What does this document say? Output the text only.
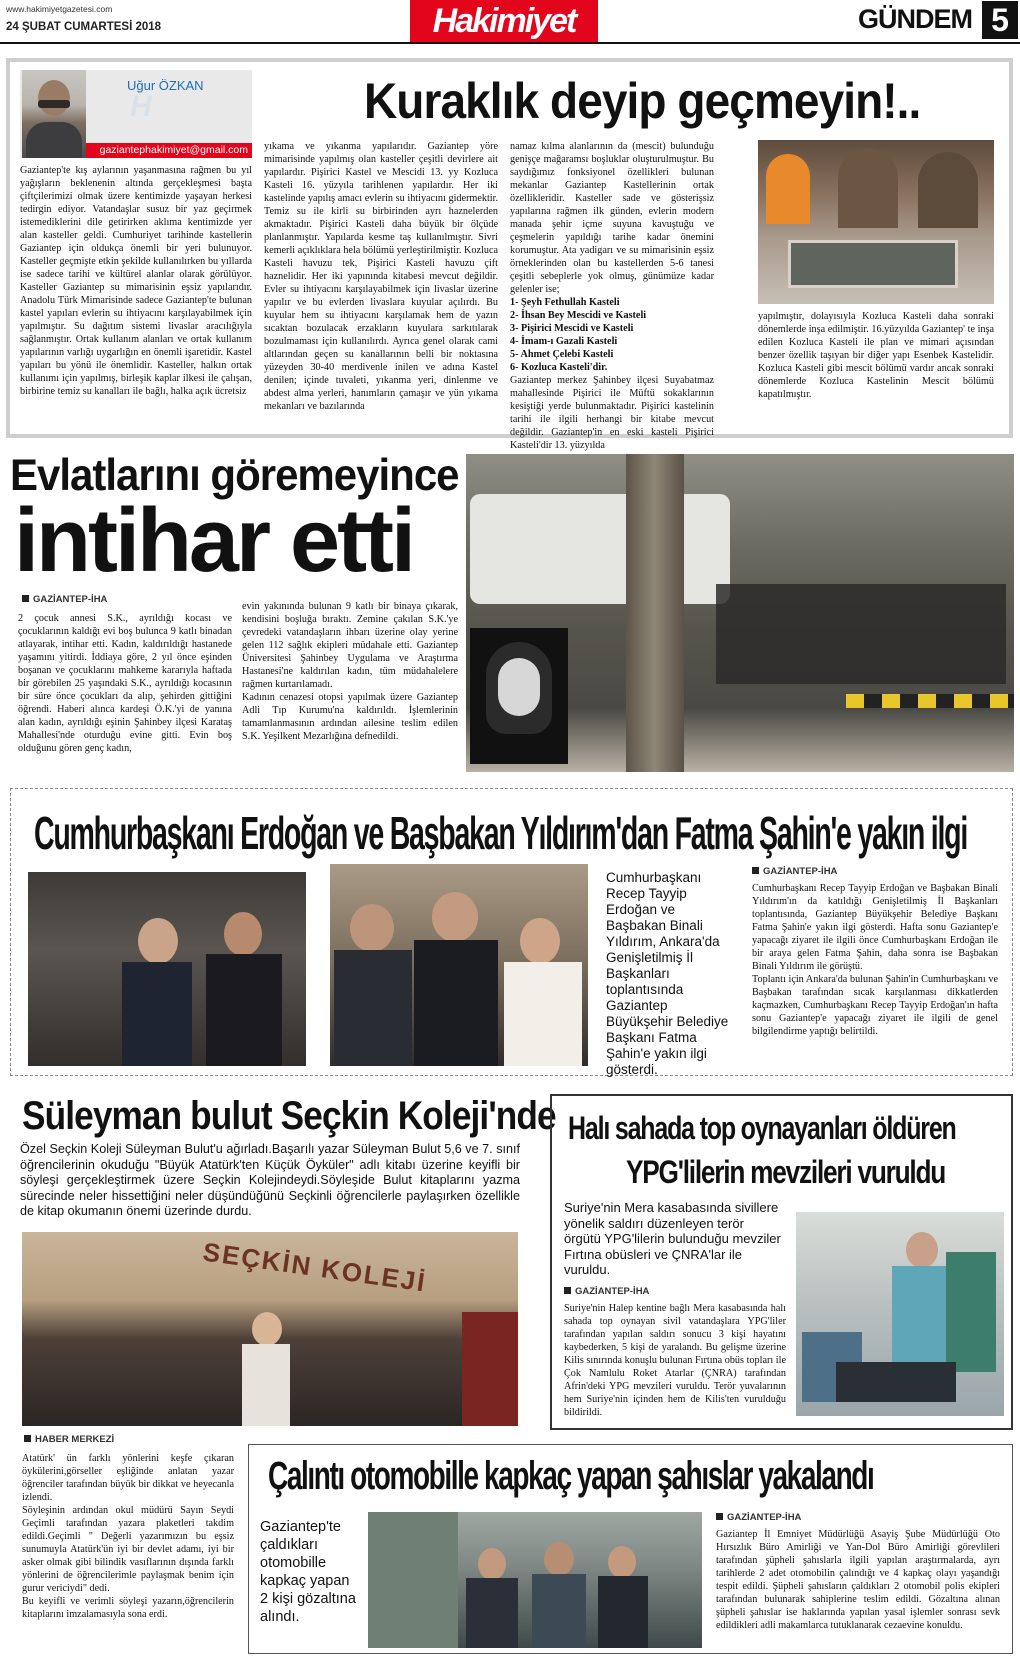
www.hakimiyetgazetesi.com
24 ŞUBAT CUMARTESİ 2018	Hakimiyet	GÜNDEM 5
Uğur ÖZKAN
H
gaziantephakimiyet@gmail.com
Kuraklık deyip geçmeyin!..
Gaziantep'te kış aylarının yaşanmasına rağmen bu yıl yağışların beklenenin altında gerçekleşmesi başta çiftçilerimizi olmak üzere kentimizde yaşayan herkesi tedirgin ediyor. Vatandaşlar susuz bir yaz geçirmek istemediklerini dile getirirken aklıma kentimizde yer alan kasteller geldi. Cumhuriyet tarihinde kastellerin Gaziantep için oldukça önemli bir yeri bulunuyor. Kasteller geçmişte etkin şekilde kullanılırken bu yıllarda ise sadece tarihi ve kültürel alanlar olarak görülüyor. Kasteller Gaziantep su mimarisinin eşsiz yapılarıdır. Anadolu Türk Mimarisinde sadece Gaziantep'te bulunan kastel yapıları evlerin su ihtiyacını karşılayabilmek için yapılmıştır. Su dağıtım sistemi livaslar aracılığıyla sağlanmıştır. Ortak kullanım alanları ve ortak kullanım yapılarının varlığı uygarlığın en önemli işaretidir. Kastel yapıları bu yönü ile önemlidir. Kasteller, halkın ortak kullanımı için yapılmış, birleşik kaplar ilkesi ile çalışan, birbirine temiz su kanalları ile bağlı, halka açık ücretsiz
yıkama ve yıkanma yapılarıdır. Gaziantep yöre mimarisinde yapılmış olan kasteller çeşitli devirlere ait yapılardır. Pişirici Kastel ve Mescidi 13. yy Kozluca Kasteli 16. yüzyıla tarihlenen yapılardır. Her iki kastelinde yapılış amacı evlerin su ihtiyacını gidermektir. Temiz su ile kirli su birbirinden ayrı haznelerden akmaktadır. Pişirici Kasteli daha büyük bir ölçüde planlanmıştır. Yapılarda kesme taş kullanılmıştır. Sivri kemerli açıklıklara hela bölümü yerleştirilmiştir. Kozluca Kasteli havuzu tek, Pişirici Kasteli havuzu çift haznelidir. Her iki yapınında kitabesi mevcut değildir. Evler su ihtiyacını karşılayabilmek için livaslar üzerine yapılır ve bu evlerden livaslara kuyular açılırdı. Bu kuyular hem su ihtiyacını karşılamak hem de yazın sıcaktan bozulacak erzakların kuyulara sarkıtılarak bozulmaması için kullanılırdı. Ayrıca genel olarak cami altlarından geçen su kanallarının belli bir noktasına yüzeyden 30-40 merdivenle inilen ve adına Kastel denilen; içinde tuvaleti, yıkanma yeri, dinlenme ve abdest alma yerleri, hanımların çamaşır ve yün yıkama mekanları ve bazılarında
namaz kılma alanlarının da (mescit) bulunduğu genişçe mağaramsı boşluklar oluşturulmuştur. Bu saydığımız fonksiyonel özellikleri bulunan mekanlar Gaziantep Kastellerinin ortak özellikleridir. Kasteller sade ve gösterişsiz yapılarına rağmen ilk günden, evlerin modern manada şehir içme suyuna kavuştuğu ve çeşmelerin yapıldığı tarihe kadar önemini korumuştur. Ata yadigarı ve su mimarisinin eşsiz örneklerinden olan bu kastellerden 5-6 tanesi çeşitli sebeplerle yok olmuş, günümüze kadar gelenler ise;
1- Şeyh Fethullah Kasteli
2- İhsan Bey Mescidi ve Kasteli
3- Pişirici Mescidi ve Kasteli
4- İmam-ı Gazali Kasteli
5- Ahmet Çelebi Kasteli
6- Kozluca Kasteli'dir.
Gaziantep merkez Şahinbey ilçesi Suyabatmaz mahallesinde Pişirici ile Müftü sokaklarının kesiştiği yerde bulunmaktadır. Pişirici kastelinin tarihi ile ilgili herhangi bir kitabe mevcut değildir. Gaziantep'in en eski kasteli Pişirici Kasteli'dir 13. yüzyılda
yapılmıştır, dolayısıyla Kozluca Kasteli daha sonraki dönemlerde inşa edilmiştir. 16.yüzyılda Gaziantep' te inşa edilen Kozluca Kasteli ile plan ve mimari açısından benzer özellik taşıyan bir diğer yapı Esenbek Kastelidir. Kozluca Kasteli gibi mescit bölümü vardır ancak sonraki dönemlerde Kozluca Kastelinin Mescit bölümü kapatılmıştır.
Evlatlarını göremeyince
intihar etti
GAZİANTEP-İHA
2 çocuk annesi S.K., ayrıldığı kocası ve çocuklarının kaldığı evi boş bulunca 9 katlı binadan atlayarak, intihar etti. Kadın, kaldırıldığı hastanede yaşamını yitirdi. İddiaya göre, 2 yıl önce eşinden boşanan ve çocuklarını mahkeme kararıyla haftada bir görebilen 25 yaşındaki S.K., ayrıldığı kocasının bir süre önce çocukları da alıp, şehirden gittiğini öğrendi. Haberi alınca kardeşi Ö.K.'yi de yanına alan kadın, ayrıldığı eşinin Şahinbey ilçesi Karataş Mahallesi'nde oturduğu evine gitti. Evin boş olduğunu gören genç kadın,
evin yakınında bulunan 9 katlı bir binaya çıkarak, kendisini boşluğa bıraktı. Zemine çakılan S.K.'ye çevredeki vatandaşların ihbarı üzerine olay yerine gelen 112 sağlık ekipleri müdahale etti. Gaziantep Üniversitesi Şahinbey Uygulama ve Araştırma Hastanesi'ne kaldırılan kadın, tüm müdahalelere rağmen kurtarılamadı.
Kadının cenazesi otopsi yapılmak üzere Gaziantep Adli Tıp Kurumu'na kaldırıldı. İşlemlerinin tamamlanmasının ardından ailesine teslim edilen S.K. Yeşilkent Mezarlığına defnedildi.
Cumhurbaşkanı Erdoğan ve Başbakan Yıldırım'dan Fatma Şahin'e yakın ilgi
Cumhurbaşkanı Recep Tayyip Erdoğan ve Başbakan Binali Yıldırım, Ankara'da Genişletilmiş İl Başkanları toplantısında Gaziantep Büyükşehir Belediye Başkanı Fatma Şahin'e yakın ilgi gösterdi.
GAZİANTEP-İHA
Cumhurbaşkanı Recep Tayyip Erdoğan ve Başbakan Binali Yıldırım'ın da katıldığı Genişletilmiş İl Başkanları toplantısında, Gaziantep Büyükşehir Belediye Başkanı Fatma Şahin'e yakın ilgi gösterdi. Hafta sonu Gaziantep'e yapacağı ziyaret ile ilgili önce Cumhurbaşkanı Erdoğan ile bir araya gelen Fatma Şahin, daha sonra ise Başbakan Binali Yıldırım ile görüştü.
Toplantı için Ankara'da bulunan Şahin'in Cumhurbaşkanı ve Başbakan tarafından sıcak karşılanması dikkatlerden kaçmazken, Cumhurbaşkanı Recep Tayyip Erdoğan'ın hafta sonu Gaziantep'e yapacağı ziyaret ile ilgili de genel bilgilendirme yaptığı belirtildi.
Süleyman bulut Seçkin Koleji'nde
Özel Seçkin Koleji Süleyman Bulut'u ağırladı.Başarılı yazar Süleyman Bulut 5,6 ve 7. sınıf öğrencilerinin okuduğu "Büyük Atatürk'ten Küçük Öyküler" adlı kitabı üzerine keyifli bir söyleşi gerçekleştirmek üzere Seçkin Kolejindeydi.Söyleşide Bulut kitaplarını yazma sürecinde neler hissettiğini neler düşündüğünü Seçkinli öğrencilerle paylaşırken özellikle de kitap okumanın önemi üzerinde durdu.
SEÇKİN KOLEJİ
HABER MERKEZİ
Atatürk' ün farklı yönlerini keşfe çıkaran öykülerini,görseller eşliğinde anlatan yazar öğrenciler tarafından büyük bir dikkat ve heyecanla izlendi.
Söyleşinin ardından okul müdürü Sayın Seydi Geçimli tarafından yazara plaketleri takdim edildi.Geçimli " Değerli yazarımızın bu eşsiz sunumuyla Atatürk'ün iyi bir devlet adamı, iyi bir asker olmak gibi bilindik vasıflarının dışında farklı yönlerini de öğrencilerimle paylaşmak benim için gurur vericiydi" dedi.
Bu keyifli ve verimli söyleşi yazarın,öğrencilerin kitaplarını imzalamasıyla sona erdi.
Halı sahada top oynayanları öldüren
YPG'lilerin mevzileri vuruldu
Suriye'nin Mera kasabasında sivillere yönelik saldırı düzenleyen terör örgütü YPG'lilerin bulunduğu mevziler Fırtına obüsleri ve ÇNRA'lar ile vuruldu.
GAZİANTEP-İHA
Suriye'nin Halep kentine bağlı Mera kasabasında halı sahada top oynayan sivil vatandaşlara YPG'liler tarafından yapılan saldırı sonucu 3 kişi hayatını kaybederken, 5 kişi de yaralandı. Bu gelişme üzerine Kilis sınırında konuşlu bulunan Fırtına obüs topları ile Çok Namlulu Roket Atarlar (ÇNRA) tarafından Afrin'deki YPG mevzileri vuruldu. Terör yuvalarının hem Suriye'nin içinden hem de Kilis'ten vurulduğu bildirildi.
Çalıntı otomobille kapkaç yapan şahıslar yakalandı
Gaziantep'te çaldıkları otomobille kapkaç yapan 2 kişi gözaltına alındı.
GAZİANTEP-İHA
Gaziantep İl Emniyet Müdürlüğü Asayiş Şube Müdürlüğü Oto Hırsızlık Büro Amirliği ve Yan-Dol Büro Amirliği görevlileri tarafından şüpheli şahıslarla ilgili yapılan araştırmalarda, ayrı tarihlerde 2 adet otomobilin çalındığı ve 4 kapkaç olayı yaşandığı tespit edildi. Şüpheli şahısların çaldıkları 2 otomobil polis ekipleri tarafından bulunarak sahiplerine teslim edildi. Gözaltına alınan şüpheli şahıslar ise haklarında yapılan yasal işlemler sonrası sevk edildikleri adli makamlarca tutuklanarak cezaevine konuldu.
